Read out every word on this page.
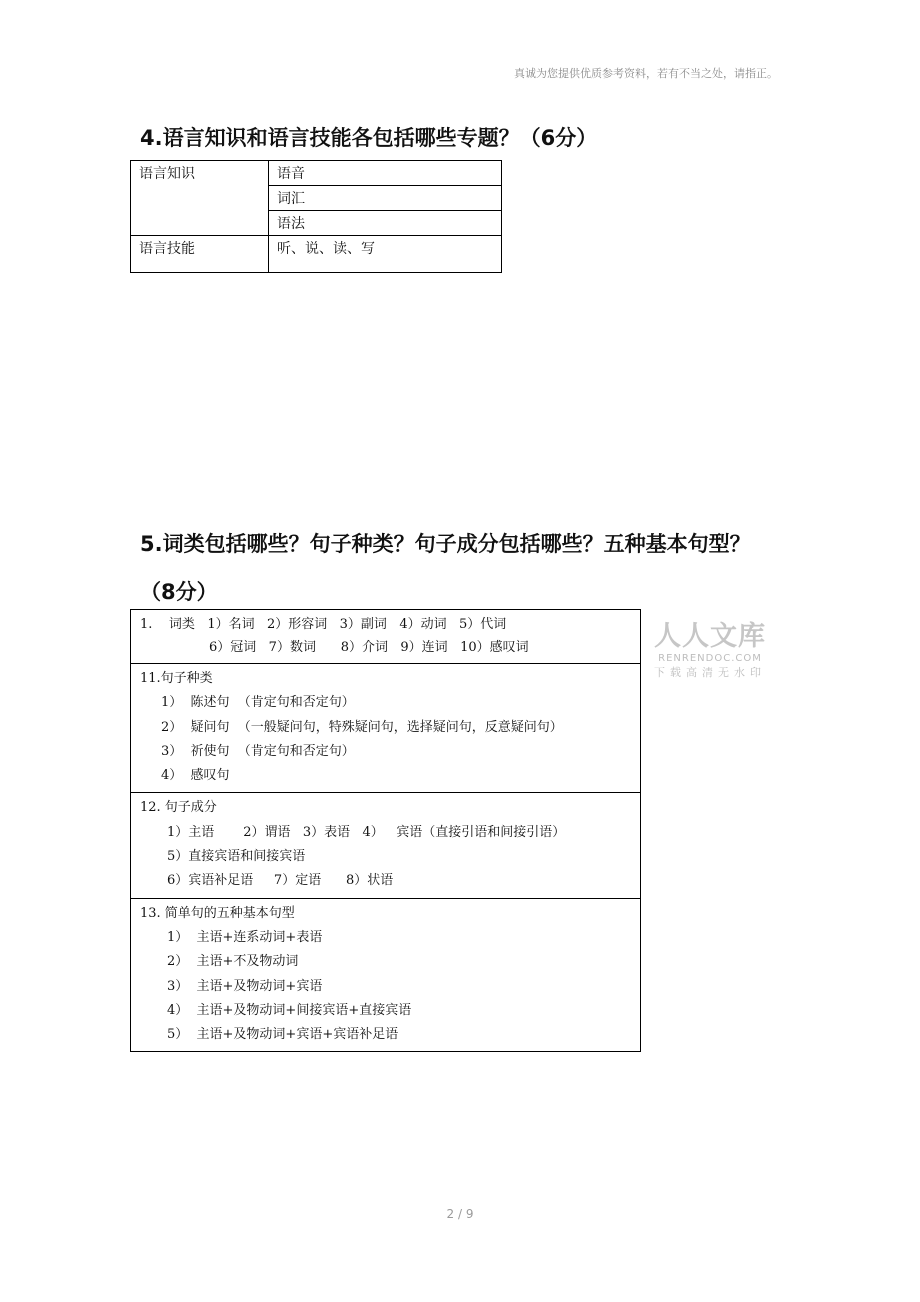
真诚为您提供优质参考资料，若有不当之处，请指正。
4.语言知识和语言技能各包括哪些专题？（6分）
语言知识	语音
	词汇
	语法
语言技能	听、说、读、写
5.词类包括哪些？句子种类？句子成分包括哪些？五种基本句型？（8分）
1.    词类   1）名词   2）形容词   3）副词   4）动词   5）代词
6）冠词   7）数词      8）介词   9）连词   10）感叹词
11.句子种类
1）  陈述句  （肯定句和否定句）
2）  疑问句  （一般疑问句，特殊疑问句，选择疑问句，反意疑问句）
3）  祈使句  （肯定句和否定句）
4）  感叹句
12. 句子成分
1）主语       2）谓语   3）表语   4）   宾语（直接引语和间接引语）
5）直接宾语和间接宾语
6）宾语补足语     7）定语      8）状语
13. 简单句的五种基本句型
1）  主语+连系动词+表语
2）  主语+不及物动词
3）  主语+及物动词+宾语
4）  主语+及物动词+间接宾语+直接宾语
5）  主语+及物动词+宾语+宾语补足语
人人文库
RENRENDOC.COM
下载高清无水印
2 / 9
